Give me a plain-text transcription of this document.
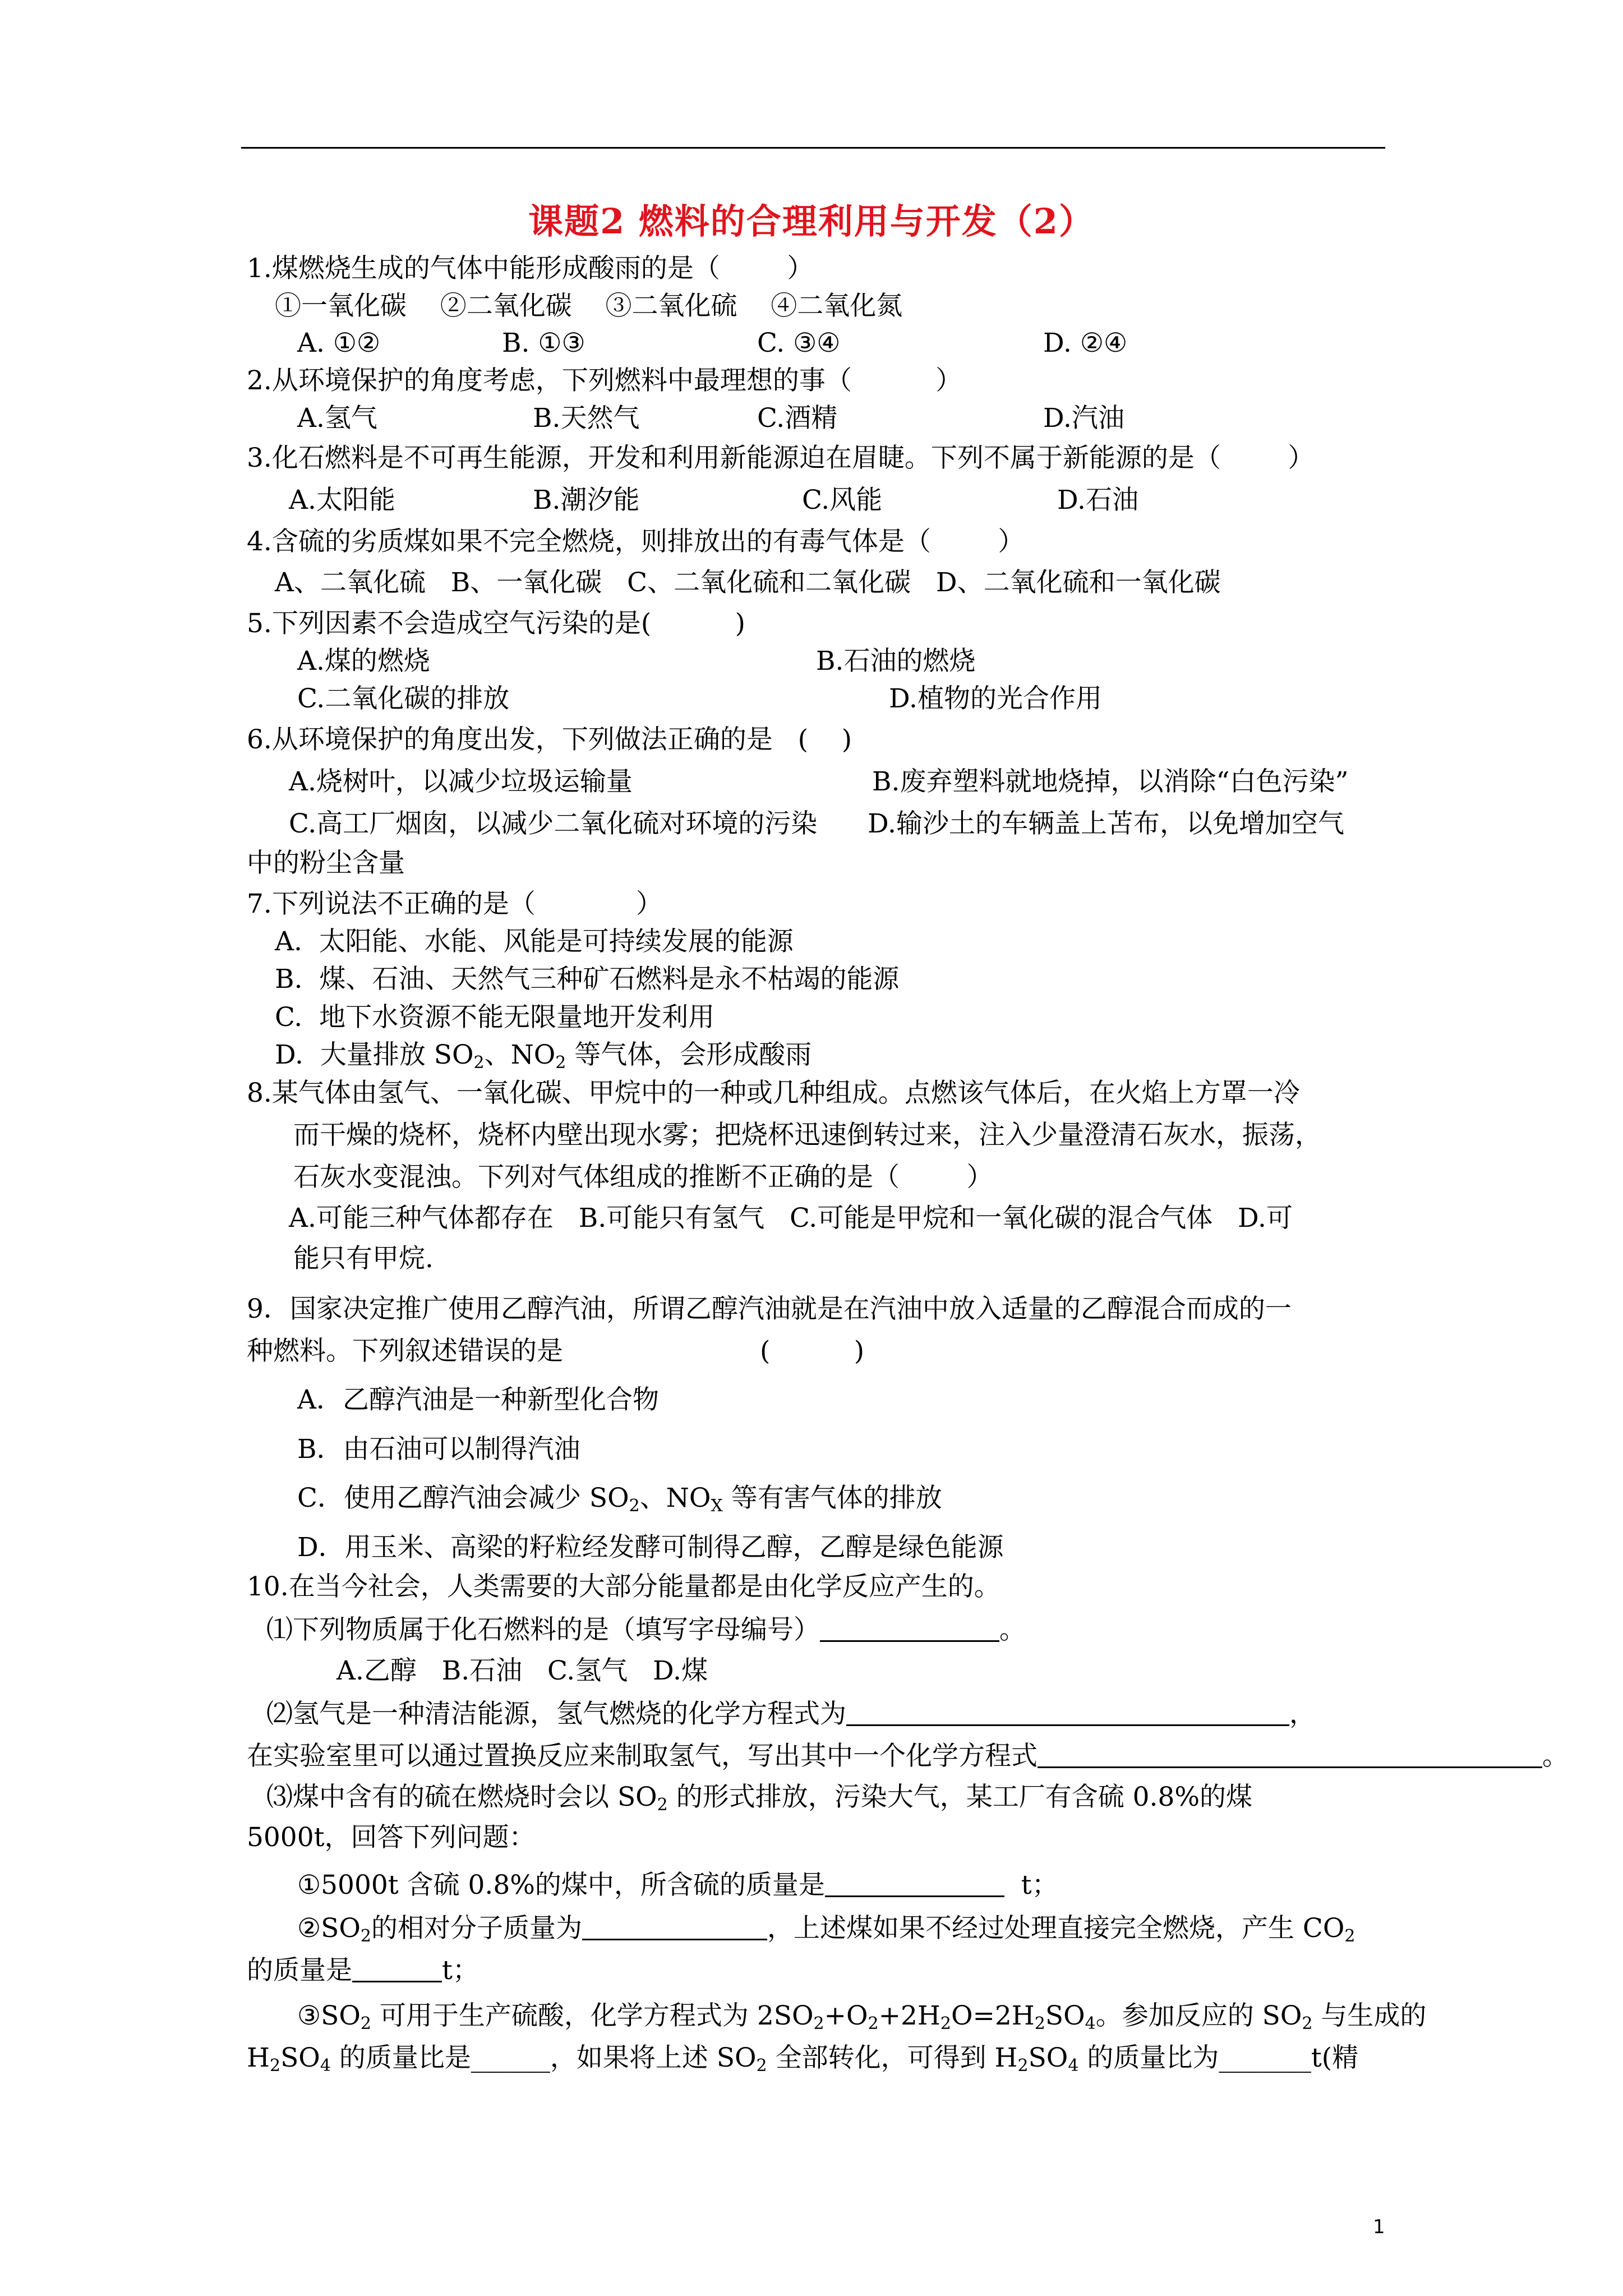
课题2 燃料的合理利用与开发（2）
1.煤燃烧生成的气体中能形成酸雨的是（        ）
①一氧化碳    ②二氧化碳    ③二氧化硫    ④二氧化氮
A. ①②	B. ①③	C. ③④	D. ②④
2.从环境保护的角度考虑，下列燃料中最理想的事（          ）
A.氢气	B.天然气	C.酒精	D.汽油
3.化石燃料是不可再生能源，开发和利用新能源迫在眉睫。下列不属于新能源的是（        ）
A.太阳能	B.潮汐能	C.风能	D.石油
4.含硫的劣质煤如果不完全燃烧，则排放出的有毒气体是（        ）
A、二氧化硫   B、一氧化碳   C、二氧化硫和二氧化碳   D、二氧化硫和一氧化碳
5.下列因素不会造成空气污染的是(          )
A.煤的燃烧	B.石油的燃烧
C.二氧化碳的排放	D.植物的光合作用
6.从环境保护的角度出发，下列做法正确的是   (    )
A.烧树叶，以减少垃圾运输量	B.废弃塑料就地烧掉，以消除“白色污染”
C.高工厂烟囱，以减少二氧化硫对环境的污染 D.输沙土的车辆盖上苫布，以免增加空气
中的粉尘含量
7.下列说法不正确的是（            ）
A.  太阳能、水能、风能是可持续发展的能源
B.  煤、石油、天然气三种矿石燃料是永不枯竭的能源
C.  地下水资源不能无限量地开发利用
D.  大量排放 $SO_2$、$NO_2$ 等气体，会形成酸雨
8.某气体由氢气、一氧化碳、甲烷中的一种或几种组成。点燃该气体后，在火焰上方罩一冷
而干燥的烧杯，烧杯内壁出现水雾；把烧杯迅速倒转过来，注入少量澄清石灰水，振荡，
石灰水变混浊。下列对气体组成的推断不正确的是（        ）
A.可能三种气体都存在   B.可能只有氢气   C.可能是甲烷和一氧化碳的混合气体   D.可
能只有甲烷.
9．国家决定推广使用乙醇汽油，所谓乙醇汽油就是在汽油中放入适量的乙醇混合而成的一
种燃料。下列叙述错误的是	(          )
A．乙醇汽油是一种新型化合物
B．由石油可以制得汽油
C．使用乙醇汽油会减少 $SO_2$、$NO_X$ 等有害气体的排放
D．用玉米、高梁的籽粒经发酵可制得乙醇，乙醇是绿色能源
10.在当今社会，人类需要的大部分能量都是由化学反应产生的。
⑴下列物质属于化石燃料的是（填写字母编号）	。
A.乙醇   B.石油   C.氢气   D.煤
⑵氢气是一种清洁能源，氢气燃烧的化学方程式为	，
在实验室里可以通过置换反应来制取氢气，写出其中一个化学方程式	。
⑶煤中含有的硫在燃烧时会以 $SO_2$ 的形式排放，污染大气，某工厂有含硫 0.8%的煤
5000t，回答下列问题：
①5000t 含硫 0.8%的煤中，所含硫的质量是	t；
$②SO_2$的相对分子质量为	，上述煤如果不经过处理直接完全燃烧，产生 $CO_2$
的质量是	t；
$③SO_2$ 可用于生产硫酸，化学方程式为 $2SO_2+O_2+2H_2O=2H_2SO_4$。参加反应的 $SO_2$ 与生成的
$H_2SO_4$ 的质量比是______，如果将上述 $SO_2$ 全部转化，可得到 $H_2SO_4$ 的质量比为_______t(精
1
